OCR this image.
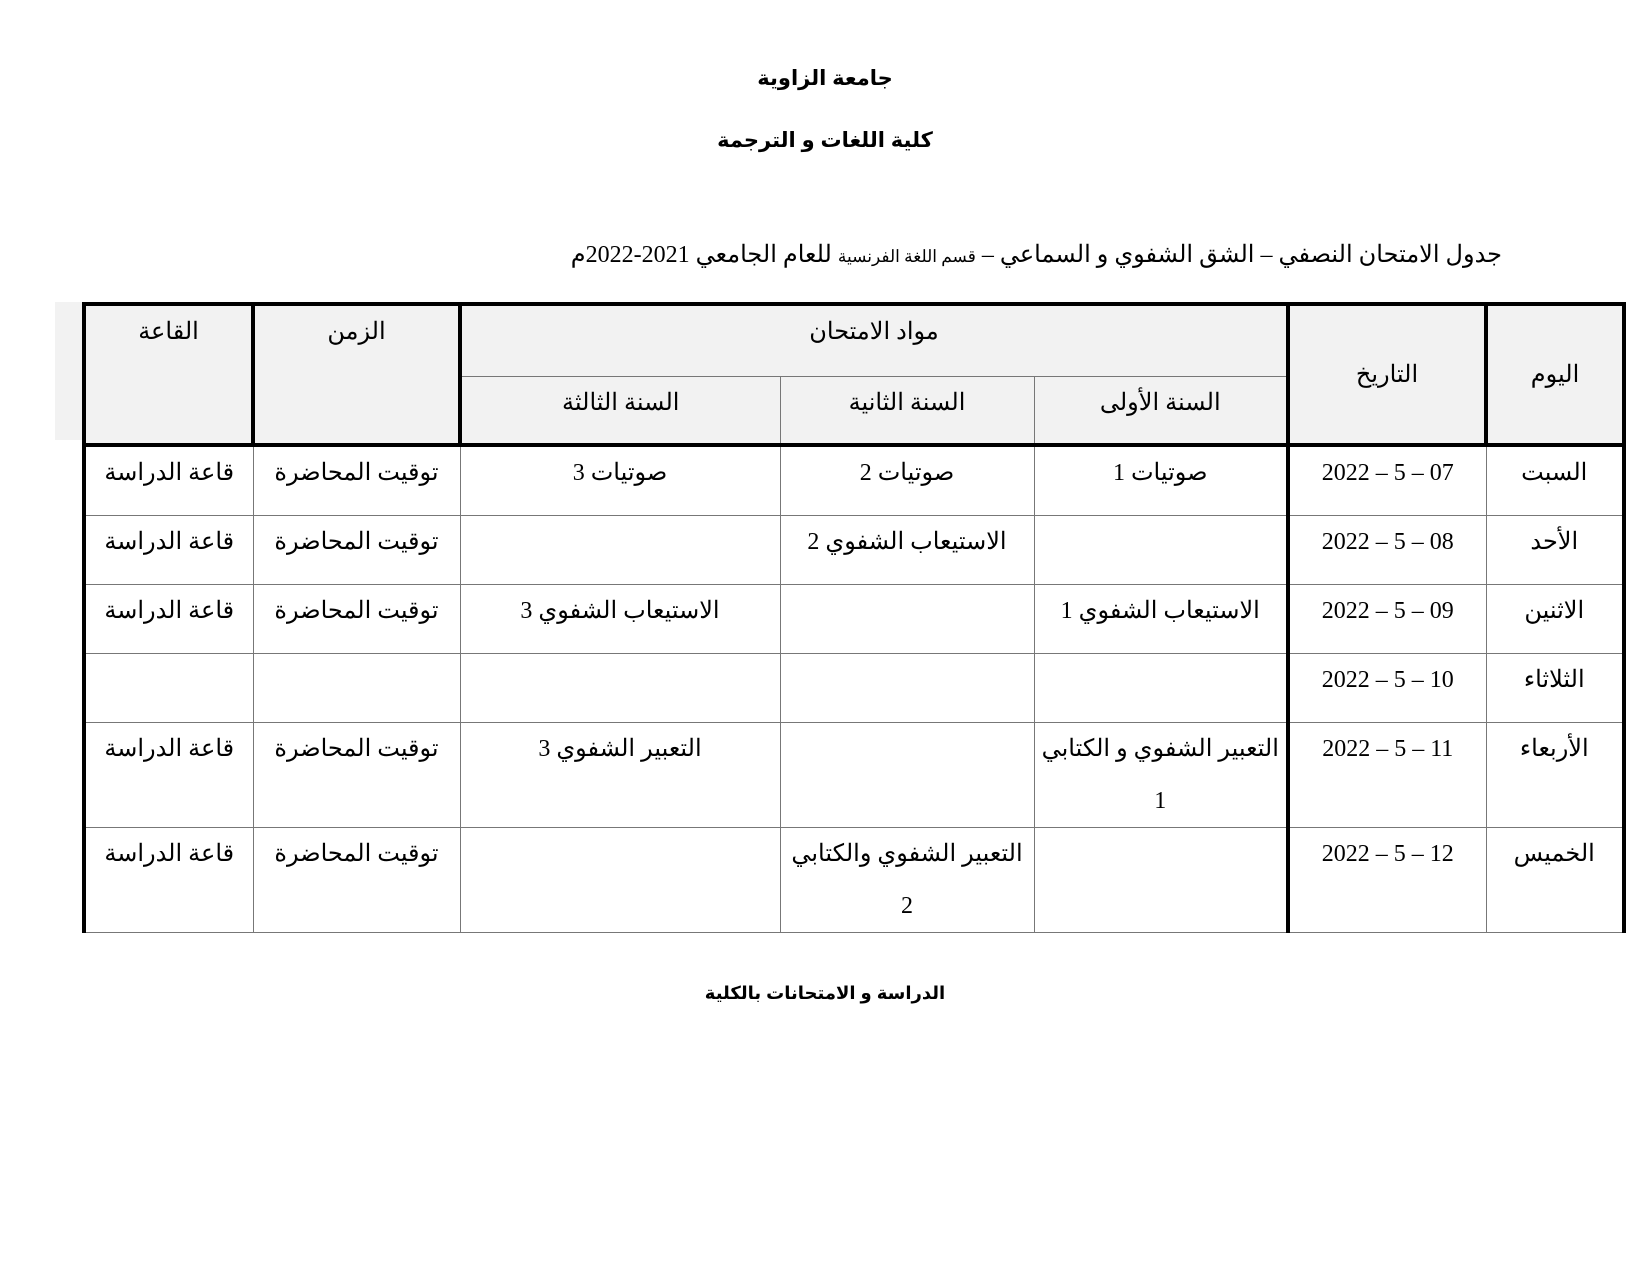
جامعة الزاوية
كلية اللغات و الترجمة
جدول الامتحان النصفي – الشق الشفوي و السماعي – قسم اللغة الفرنسية للعام الجامعي 2021-2022م
اليوم	التاريخ	مواد الامتحان			الزمن	القاعة
		السنة الأولى	السنة الثانية	السنة الثالثة		
السبت	2022 – 5 – 07	صوتيات 1	صوتيات 2	صوتيات 3	توقيت المحاضرة	قاعة الدراسة
الأحد	2022 – 5 – 08		الاستيعاب الشفوي 2		توقيت المحاضرة	قاعة الدراسة
الاثنين	2022 – 5 – 09	الاستيعاب الشفوي 1		الاستيعاب الشفوي 3	توقيت المحاضرة	قاعة الدراسة
الثلاثاء	2022 – 5 – 10					
الأربعاء	2022 – 5 – 11	التعبير الشفوي و الكتابي 1		التعبير الشفوي 3	توقيت المحاضرة	قاعة الدراسة
الخميس	2022 – 5 – 12		التعبير الشفوي والكتابي 2		توقيت المحاضرة	قاعة الدراسة
الدراسة و الامتحانات بالكلية
